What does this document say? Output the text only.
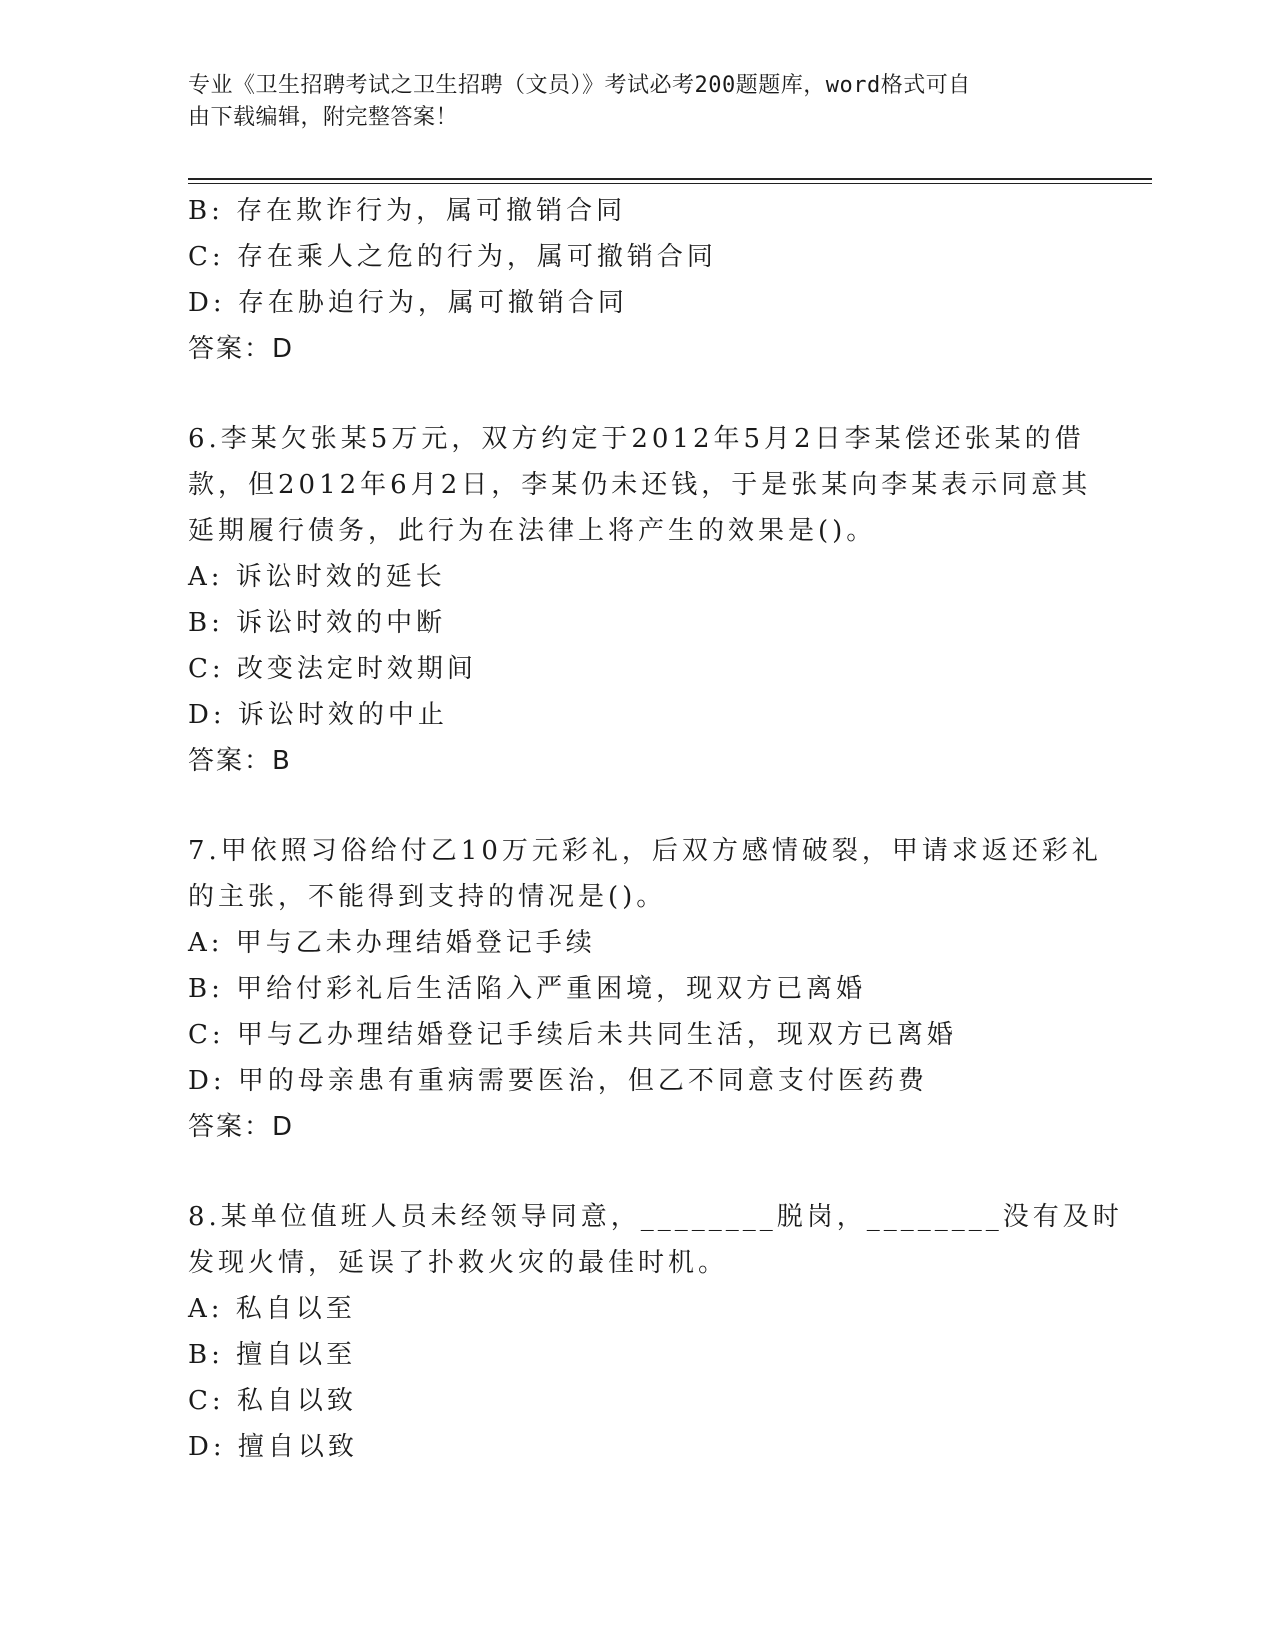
专业《卫生招聘考试之卫生招聘（文员）》考试必考200题题库，word格式可自
由下载编辑，附完整答案！
B: 存在欺诈行为，属可撤销合同
C: 存在乘人之危的行为，属可撤销合同
D: 存在胁迫行为，属可撤销合同
答案：D
6.李某欠张某5万元，双方约定于2012年5月2日李某偿还张某的借
款，但2012年6月2日，李某仍未还钱，于是张某向李某表示同意其
延期履行债务，此行为在法律上将产生的效果是()。
A: 诉讼时效的延长
B: 诉讼时效的中断
C: 改变法定时效期间
D: 诉讼时效的中止
答案：B
7.甲依照习俗给付乙10万元彩礼，后双方感情破裂，甲请求返还彩礼
的主张，不能得到支持的情况是()。
A: 甲与乙未办理结婚登记手续
B: 甲给付彩礼后生活陷入严重困境，现双方已离婚
C: 甲与乙办理结婚登记手续后未共同生活，现双方已离婚
D: 甲的母亲患有重病需要医治，但乙不同意支付医药费
答案：D
8.某单位值班人员未经领导同意，________脱岗，________没有及时
发现火情，延误了扑救火灾的最佳时机。
A: 私自以至
B: 擅自以至
C: 私自以致
D: 擅自以致
